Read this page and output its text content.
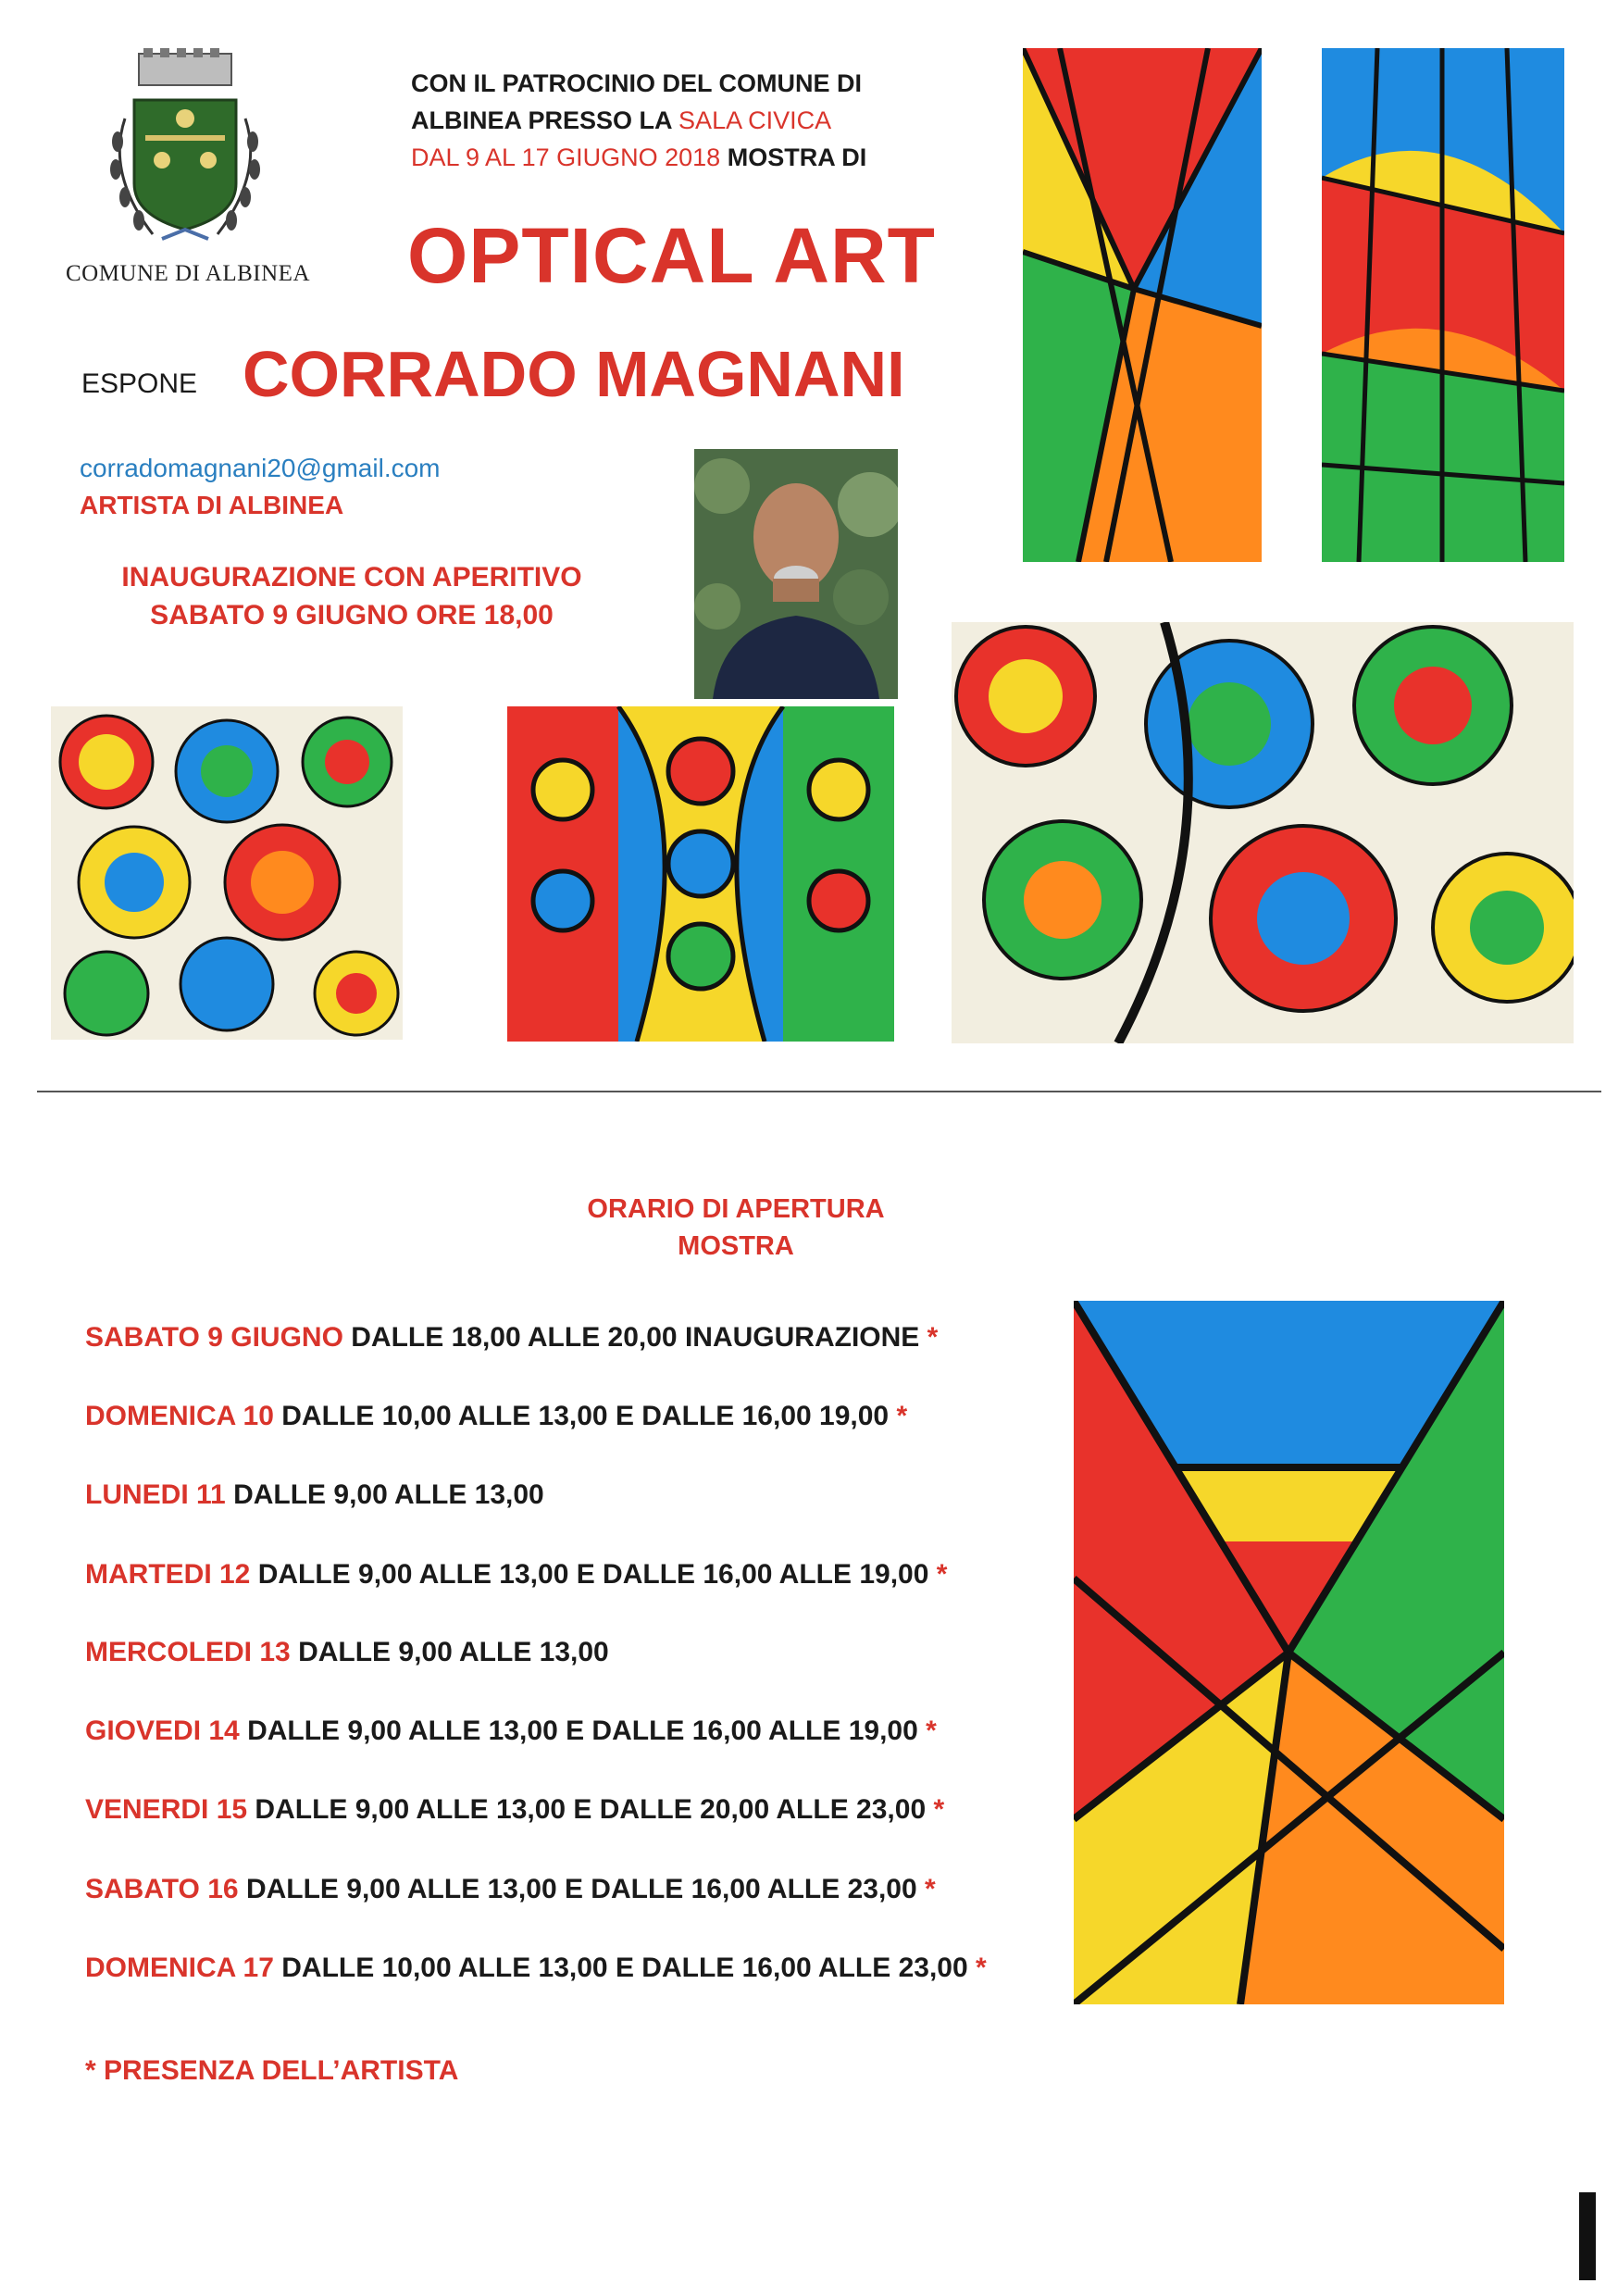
COMUNE DI ALBINEA
CON IL PATROCINIO DEL COMUNE DI
ALBINEA PRESSO LA SALA CIVICA
DAL 9 AL 17 GIUGNO 2018 MOSTRA DI
OPTICAL ART
ESPONE CORRADO MAGNANI
corradomagnani20@gmail.com
ARTISTA DI ALBINEA
INAUGURAZIONE CON APERITIVO
SABATO 9 GIUGNO ORE 18,00
ORARIO DI APERTURA
MOSTRA
SABATO 9 GIUGNO DALLE 18,00 ALLE 20,00 INAUGURAZIONE *
DOMENICA 10 DALLE 10,00 ALLE 13,00 E DALLE 16,00 19,00 *
LUNEDI 11 DALLE 9,00 ALLE 13,00
MARTEDI 12 DALLE 9,00 ALLE 13,00 E DALLE 16,00 ALLE 19,00 *
MERCOLEDI 13 DALLE 9,00 ALLE 13,00
GIOVEDI 14 DALLE 9,00 ALLE 13,00 E DALLE 16,00 ALLE 19,00 *
VENERDI 15 DALLE 9,00 ALLE 13,00 E DALLE 20,00 ALLE 23,00 *
SABATO 16 DALLE 9,00 ALLE 13,00 E DALLE 16,00 ALLE 23,00 *
DOMENICA 17 DALLE 10,00 ALLE 13,00 E DALLE 16,00 ALLE 23,00 *
* PRESENZA DELL’ARTISTA
